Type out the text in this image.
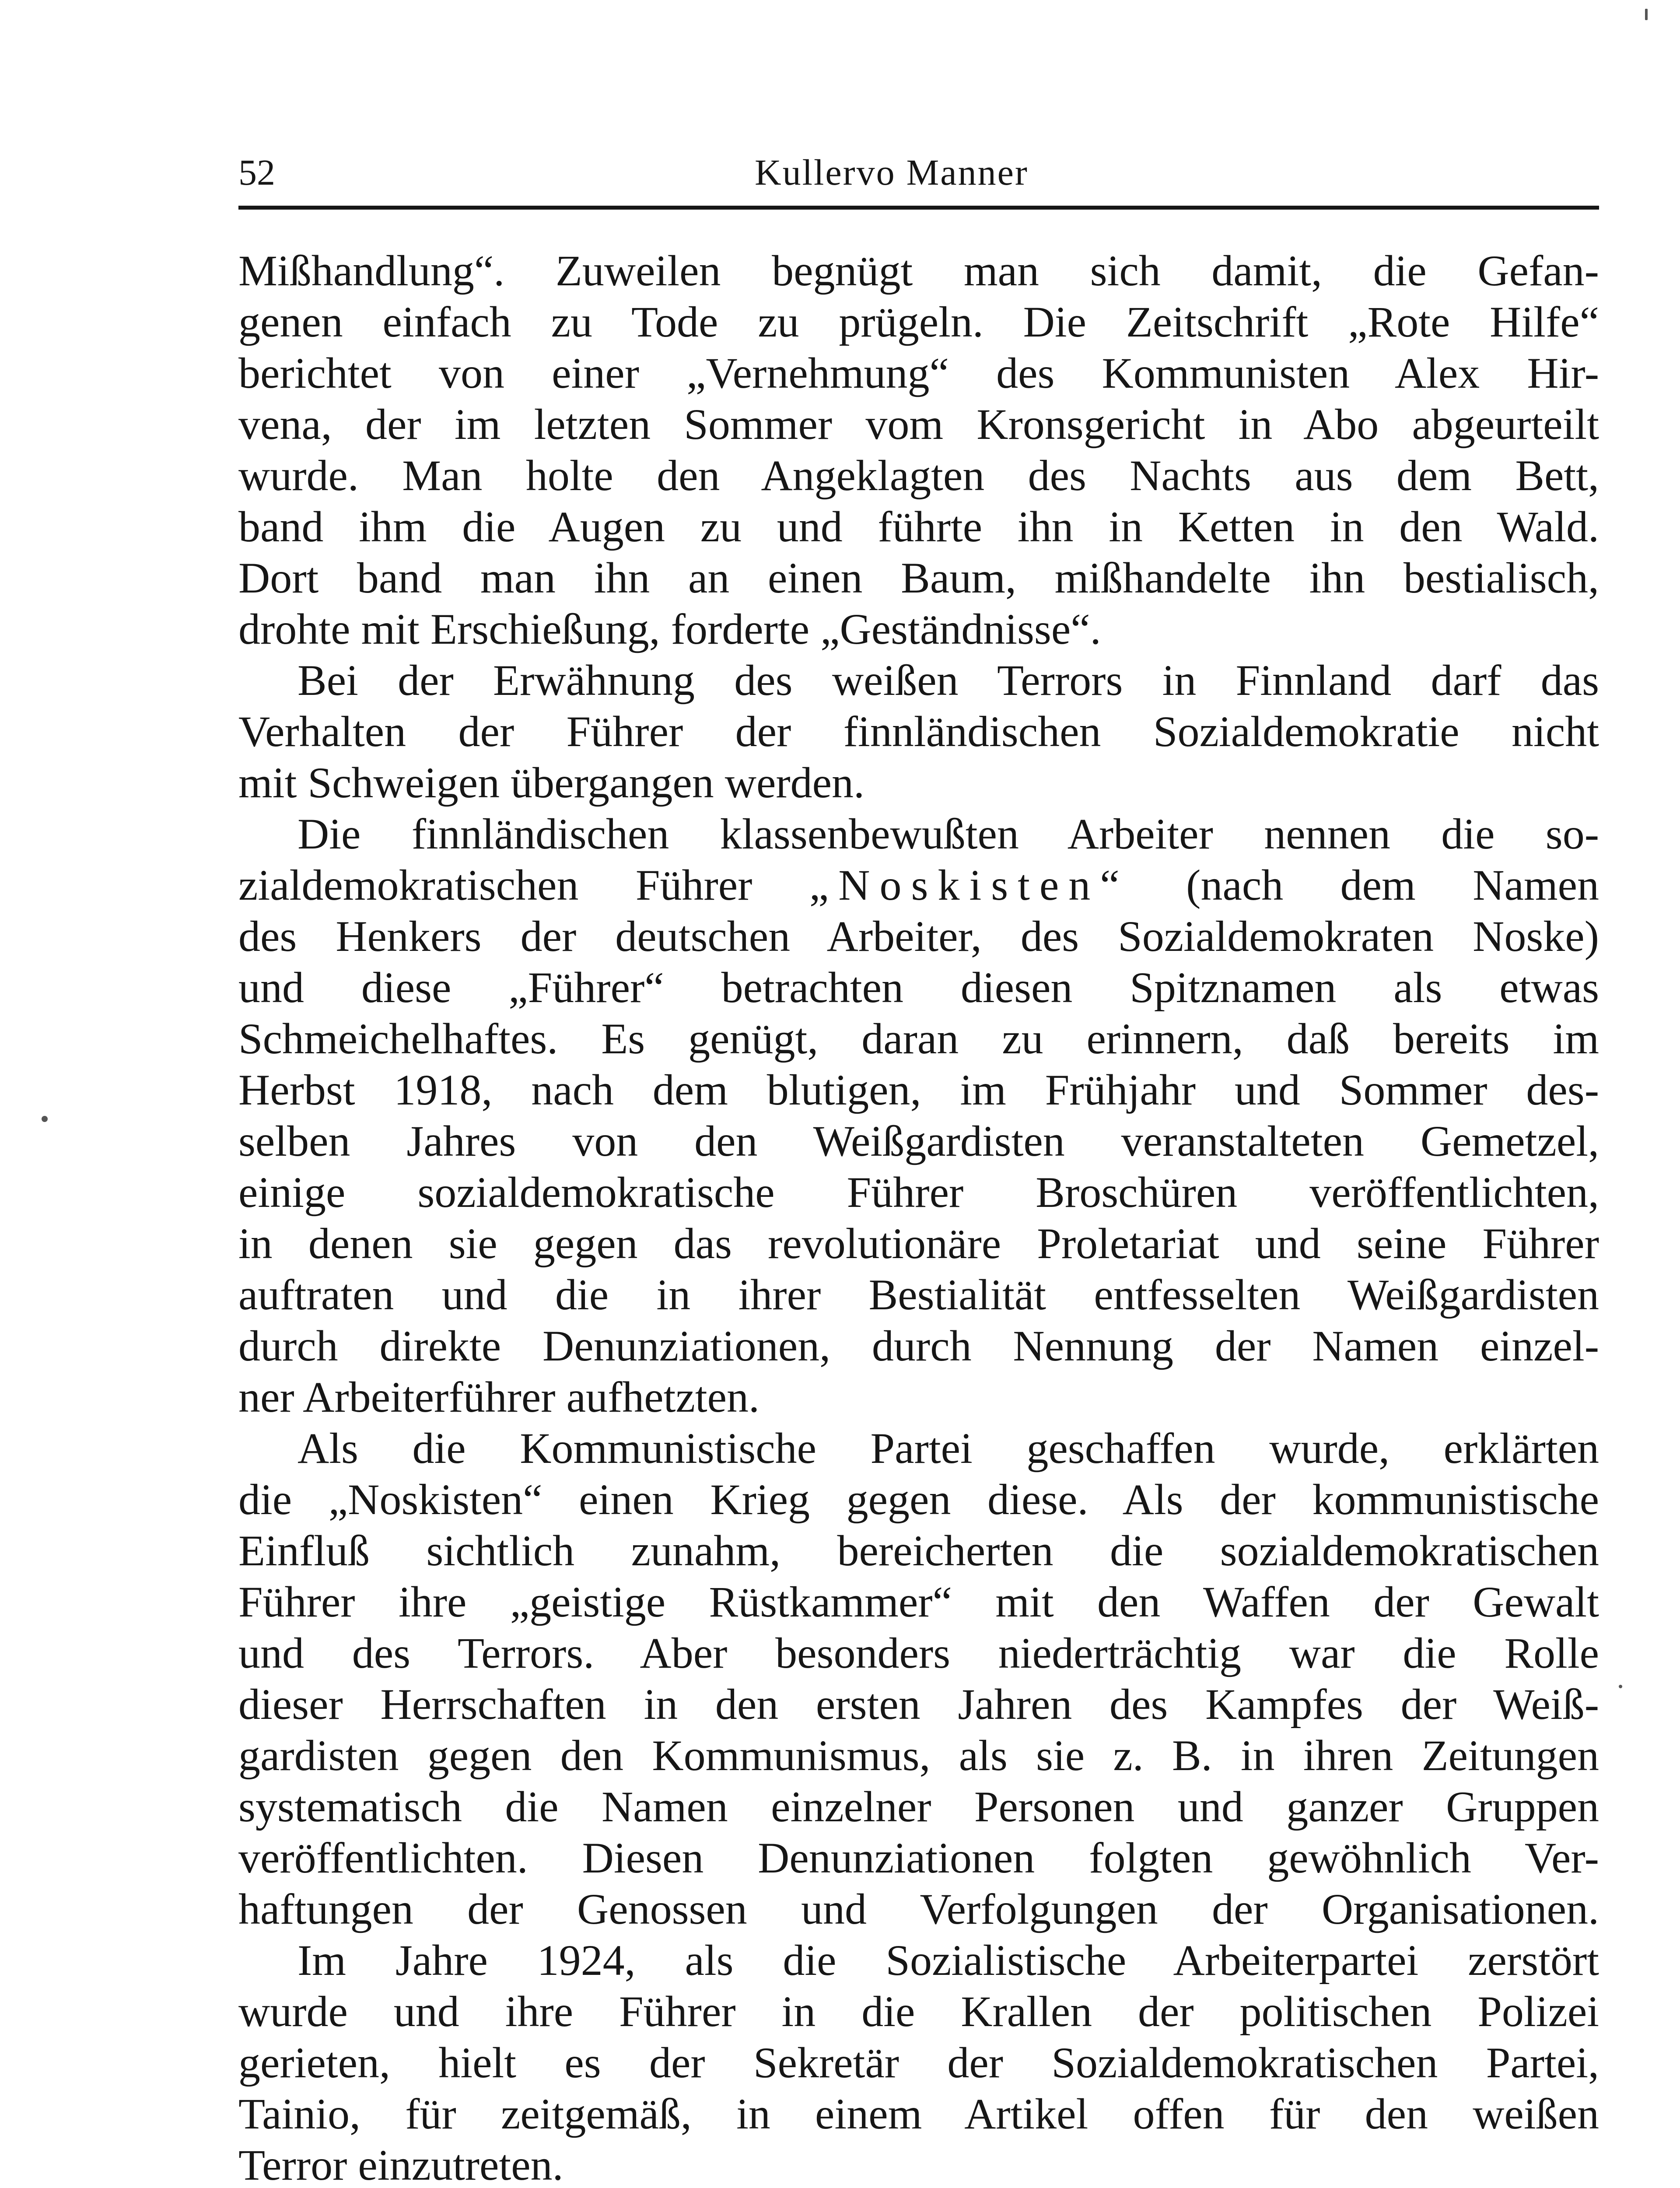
52	Kullervo Manner
Mißhandlung“. Zuweilen begnügt man sich damit, die Gefan-
genen einfach zu Tode zu prügeln. Die Zeitschrift „Rote Hilfe“
berichtet von einer „Vernehmung“ des Kommunisten Alex Hir-
vena, der im letzten Sommer vom Kronsgericht in Abo abgeurteilt
wurde. Man holte den Angeklagten des Nachts aus dem Bett,
band ihm die Augen zu und führte ihn in Ketten in den Wald.
Dort band man ihn an einen Baum, mißhandelte ihn bestialisch,
drohte mit Erschießung, forderte „Geständnisse“.
Bei der Erwähnung des weißen Terrors in Finnland darf das
Verhalten der Führer der finnländischen Sozialdemokratie nicht
mit Schweigen übergangen werden.
Die finnländischen klassenbewußten Arbeiter nennen die so-
zialdemokratischen Führer „Noskisten“ (nach dem Namen
des Henkers der deutschen Arbeiter, des Sozialdemokraten Noske)
und diese „Führer“ betrachten diesen Spitznamen als etwas
Schmeichelhaftes. Es genügt, daran zu erinnern, daß bereits im
Herbst 1918, nach dem blutigen, im Frühjahr und Sommer des-
selben Jahres von den Weißgardisten veranstalteten Gemetzel,
einige sozialdemokratische Führer Broschüren veröffentlichten,
in denen sie gegen das revolutionäre Proletariat und seine Führer
auftraten und die in ihrer Bestialität entfesselten Weißgardisten
durch direkte Denunziationen, durch Nennung der Namen einzel-
ner Arbeiterführer aufhetzten.
Als die Kommunistische Partei geschaffen wurde, erklärten
die „Noskisten“ einen Krieg gegen diese. Als der kommunistische
Einfluß sichtlich zunahm, bereicherten die sozialdemokratischen
Führer ihre „geistige Rüstkammer“ mit den Waffen der Gewalt
und des Terrors. Aber besonders niederträchtig war die Rolle
dieser Herrschaften in den ersten Jahren des Kampfes der Weiß-
gardisten gegen den Kommunismus, als sie z. B. in ihren Zeitungen
systematisch die Namen einzelner Personen und ganzer Gruppen
veröffentlichten. Diesen Denunziationen folgten gewöhnlich Ver-
haftungen der Genossen und Verfolgungen der Organisationen.
Im Jahre 1924, als die Sozialistische Arbeiterpartei zerstört
wurde und ihre Führer in die Krallen der politischen Polizei
gerieten, hielt es der Sekretär der Sozialdemokratischen Partei,
Tainio, für zeitgemäß, in einem Artikel offen für den weißen
Terror einzutreten.
